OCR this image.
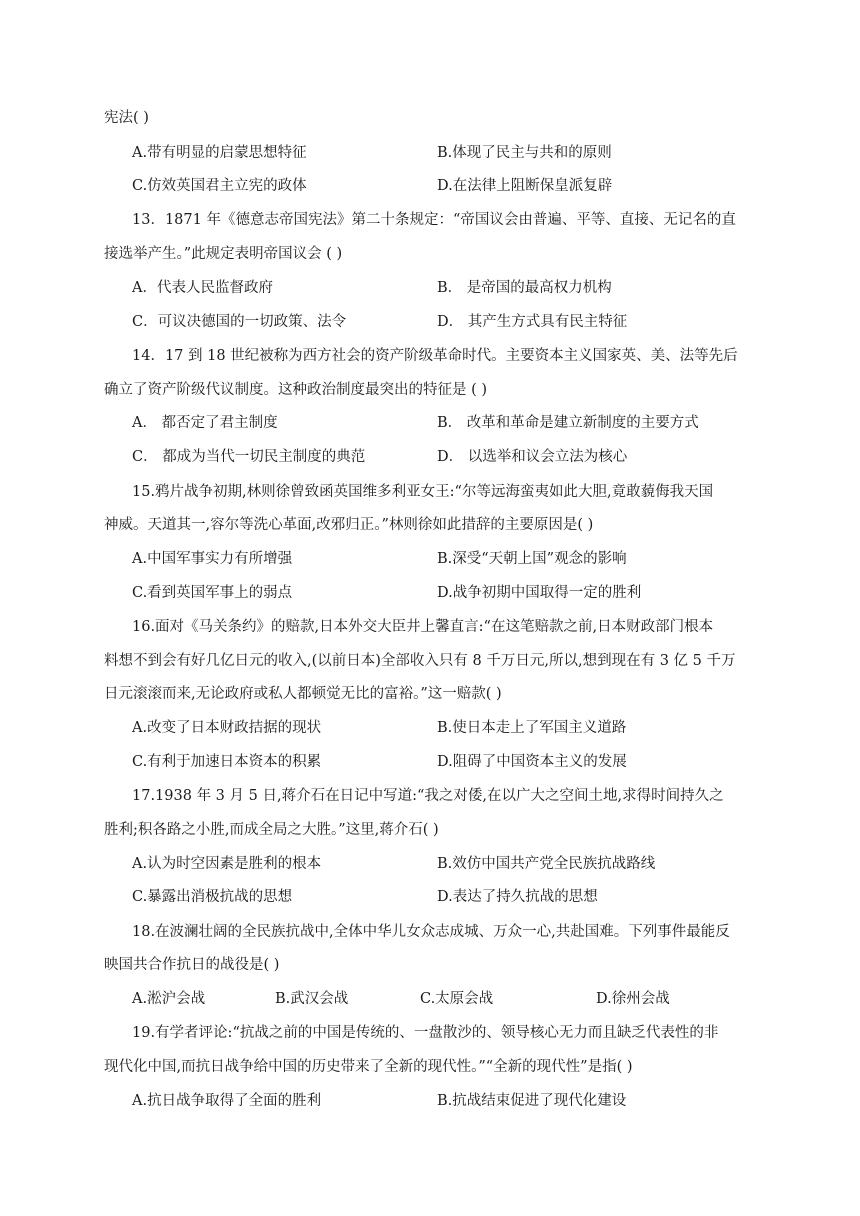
宪法( )
A.带有明显的启蒙思想特征	B.体现了民主与共和的原则
C.仿效英国君主立宪的政体	D.在法律上阻断保皇派复辟
13．1871 年《德意志帝国宪法》第二十条规定：“帝国议会由普遍、平等、直接、无记名的直
接选举产生。”此规定表明帝国议会 ( )
A．代表人民监督政府	B． 是帝国的最高权力机构
C．可议决德国的一切政策、法令	D． 其产生方式具有民主特征
14．17 到 18 世纪被称为西方社会的资产阶级革命时代。主要资本主义国家英、美、法等先后
确立了资产阶级代议制度。这种政治制度最突出的特征是 ( )
A． 都否定了君主制度	B． 改革和革命是建立新制度的主要方式
C． 都成为当代一切民主制度的典范	D． 以选举和议会立法为核心
15.鸦片战争初期,林则徐曾致函英国维多利亚女王:“尔等远海蛮夷如此大胆,竟敢藐侮我天国
神威。天道其一,容尔等洗心革面,改邪归正。”林则徐如此措辞的主要原因是( )
A.中国军事实力有所增强	B.深受“天朝上国”观念的影响
C.看到英国军事上的弱点	D.战争初期中国取得一定的胜利
16.面对《马关条约》的赔款,日本外交大臣井上馨直言:“在这笔赔款之前,日本财政部门根本
料想不到会有好几亿日元的收入,(以前日本)全部收入只有 8 千万日元,所以,想到现在有 3 亿 5 千万
日元滚滚而来,无论政府或私人都顿觉无比的富裕。”这一赔款( )
A.改变了日本财政拮据的现状	B.使日本走上了军国主义道路
C.有利于加速日本资本的积累	D.阻碍了中国资本主义的发展
17.1938 年 3 月 5 日,蒋介石在日记中写道:“我之对倭,在以广大之空间土地,求得时间持久之
胜利;积各路之小胜,而成全局之大胜。”这里,蒋介石( )
A.认为时空因素是胜利的根本	B.效仿中国共产党全民族抗战路线
C.暴露出消极抗战的思想	D.表达了持久抗战的思想
18.在波澜壮阔的全民族抗战中,全体中华儿女众志成城、万众一心,共赴国难。下列事件最能反
映国共合作抗日的战役是( )
A.淞沪会战	B.武汉会战	C.太原会战	D.徐州会战
19.有学者评论:“抗战之前的中国是传统的、一盘散沙的、领导核心无力而且缺乏代表性的非
现代化中国,而抗日战争给中国的历史带来了全新的现代性。”“全新的现代性”是指( )
A.抗日战争取得了全面的胜利	B.抗战结束促进了现代化建设
